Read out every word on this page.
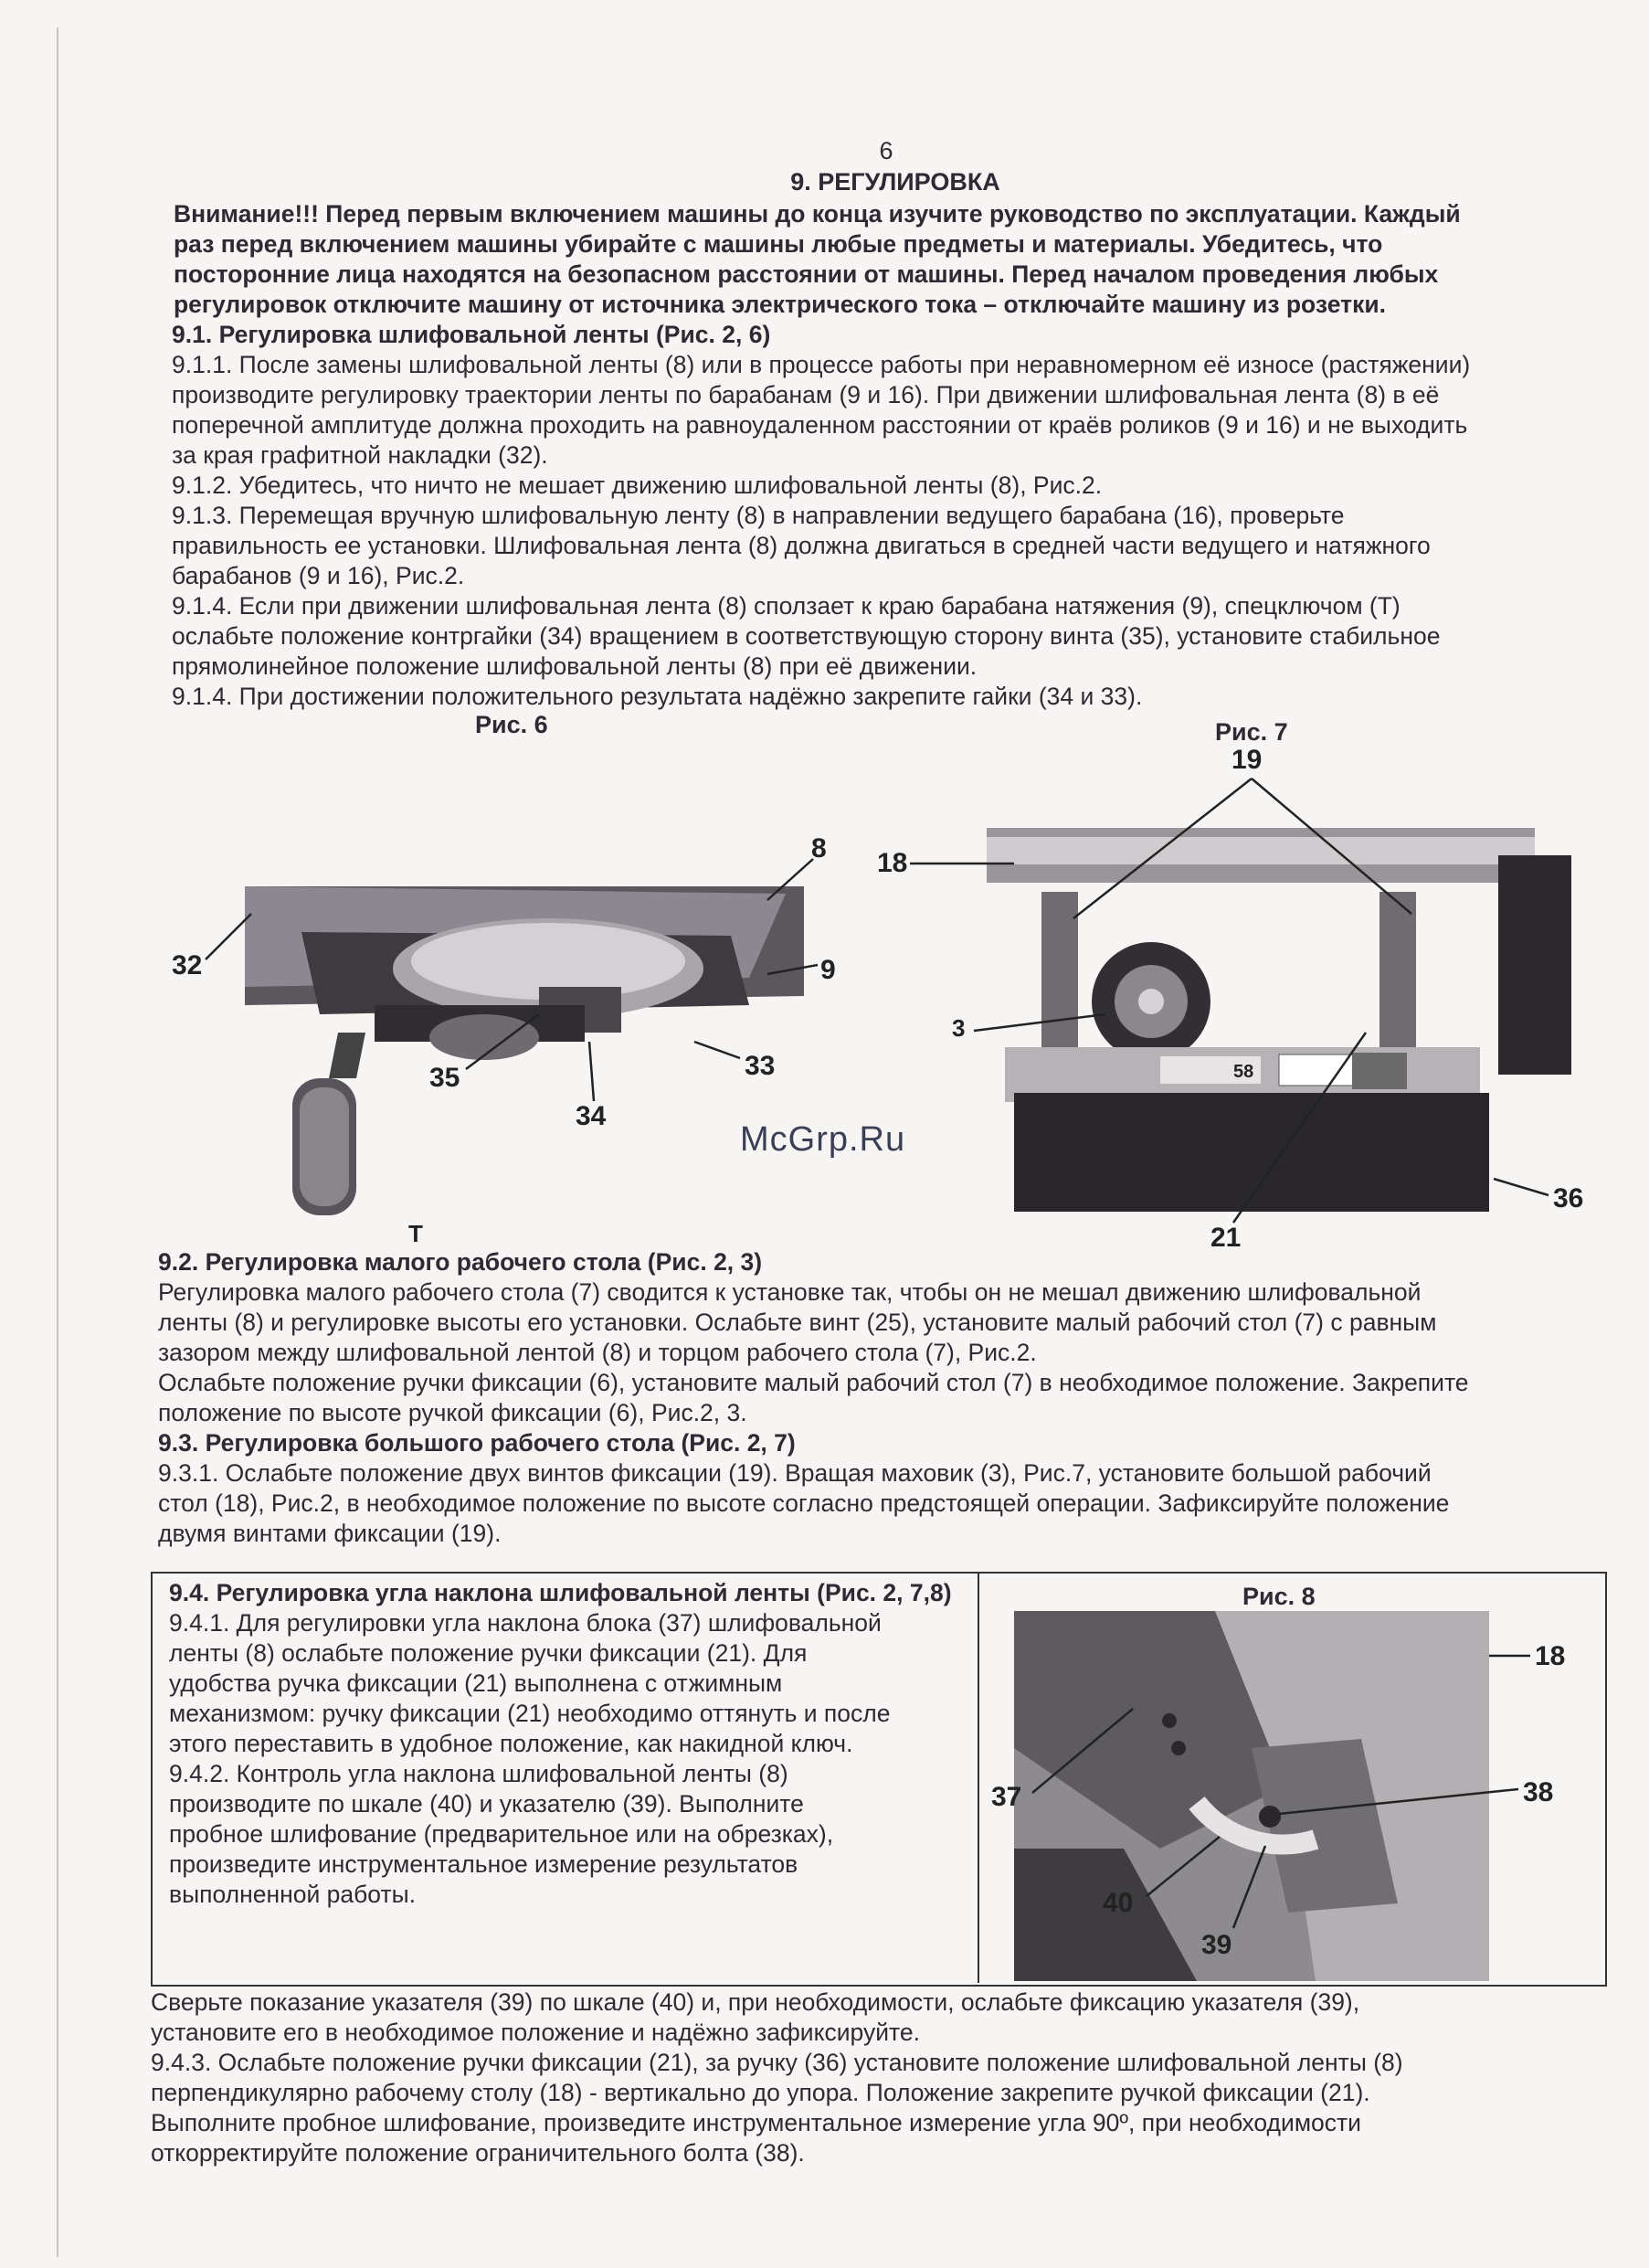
6
9. РЕГУЛИРОВКА
Внимание!!! Перед первым включением машины до конца изучите руководство по эксплуатации. Каждый
раз перед включением машины убирайте с машины любые предметы и материалы. Убедитесь, что
посторонние лица находятся на безопасном расстоянии от машины. Перед началом проведения любых
регулировок отключите машину от источника электрического тока – отключайте машину из розетки.
9.1. Регулировка шлифовальной ленты (Рис. 2, 6)
9.1.1. После замены шлифовальной ленты (8) или в процессе работы при неравномерном её износе (растяжении)
производите регулировку траектории ленты по барабанам (9 и 16). При движении шлифовальная лента (8) в её
поперечной амплитуде должна проходить на равноудаленном расстоянии от краёв роликов (9 и 16) и не выходить
за края графитной накладки (32).
9.1.2. Убедитесь, что ничто не мешает движению шлифовальной ленты (8), Рис.2.
9.1.3. Перемещая вручную шлифовальную ленту (8) в направлении ведущего барабана (16), проверьте
правильность ее установки. Шлифовальная лента (8) должна двигаться в средней части ведущего и натяжного
барабанов (9 и 16), Рис.2.
9.1.4. Если при движении шлифовальная лента (8) сползает к краю барабана натяжения (9), спецключом (Т)
ослабьте положение контргайки (34) вращением в соответствующую сторону винта (35), установите стабильное
прямолинейное положение шлифовальной ленты (8) при её движении.
9.1.4. При достижении положительного результата надёжно закрепите гайки (34 и 33).
Рис. 6
8
9
32
33
34
35
Т
Рис. 7
19
58
18
3
21
36
McGrp.Ru
9.2. Регулировка малого рабочего стола (Рис. 2, 3)
Регулировка малого рабочего стола (7) сводится к установке так, чтобы он не мешал движению шлифовальной
ленты (8) и регулировке высоты его установки. Ослабьте винт (25), установите малый рабочий стол (7) с равным
зазором между шлифовальной лентой (8) и торцом рабочего стола (7), Рис.2.
Ослабьте положение ручки фиксации (6), установите малый рабочий стол (7) в необходимое положение. Закрепите
положение по высоте ручкой фиксации (6), Рис.2, 3.
9.3. Регулировка большого рабочего стола (Рис. 2, 7)
9.3.1. Ослабьте положение двух винтов фиксации (19). Вращая маховик (3), Рис.7, установите большой рабочий
стол (18), Рис.2, в необходимое положение по высоте согласно предстоящей операции. Зафиксируйте положение
двумя винтами фиксации (19).
9.4. Регулировка угла наклона шлифовальной ленты (Рис. 2, 7,8)
9.4.1. Для регулировки угла наклона блока (37) шлифовальной
ленты (8) ослабьте положение ручки фиксации (21). Для
удобства ручка фиксации (21) выполнена с отжимным
механизмом: ручку фиксации (21) необходимо оттянуть и после
этого переставить в удобное положение, как накидной ключ.
9.4.2. Контроль угла наклона шлифовальной ленты (8)
производите по шкале (40) и указателю (39). Выполните
пробное шлифование (предварительное или на обрезках),
произведите инструментальное измерение результатов
выполненной работы.
Рис. 8
18
37	38
40
39
Сверьте показание указателя (39) по шкале (40) и, при необходимости, ослабьте фиксацию указателя (39),
установите его в необходимое положение и надёжно зафиксируйте.
9.4.3. Ослабьте положение ручки фиксации (21), за ручку (36) установите положение шлифовальной ленты (8)
перпендикулярно рабочему столу (18) - вертикально до упора. Положение закрепите ручкой фиксации (21).
Выполните пробное шлифование, произведите инструментальное измерение угла 90º, при необходимости
откорректируйте положение ограничительного болта (38).
